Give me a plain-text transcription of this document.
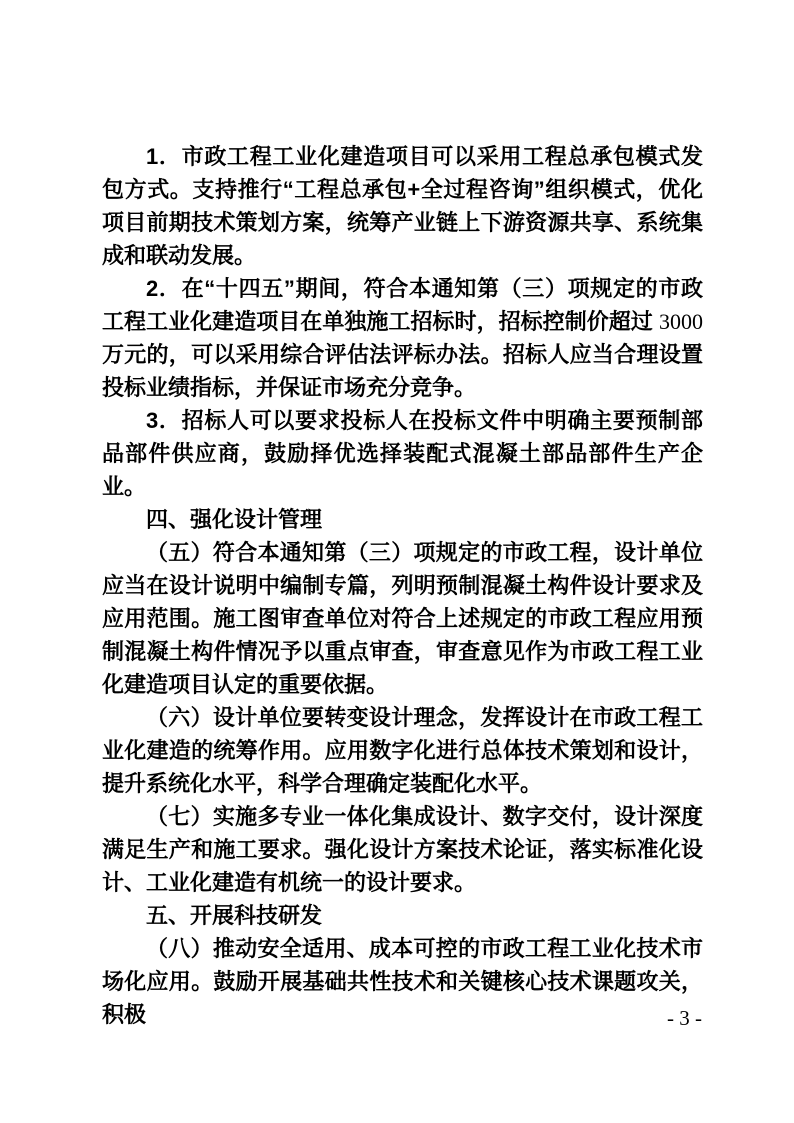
1．市政工程工业化建造项目可以采用工程总承包模式发包方式。支持推行“工程总承包+全过程咨询”组织模式，优化项目前期技术策划方案，统筹产业链上下游资源共享、系统集成和联动发展。

2．在“十四五”期间，符合本通知第（三）项规定的市政工程工业化建造项目在单独施工招标时，招标控制价超过 3000 万元的，可以采用综合评估法评标办法。招标人应当合理设置投标业绩指标，并保证市场充分竞争。

3．招标人可以要求投标人在投标文件中明确主要预制部品部件供应商，鼓励择优选择装配式混凝土部品部件生产企业。

四、强化设计管理

（五）符合本通知第（三）项规定的市政工程，设计单位应当在设计说明中编制专篇，列明预制混凝土构件设计要求及应用范围。施工图审查单位对符合上述规定的市政工程应用预制混凝土构件情况予以重点审查，审查意见作为市政工程工业化建造项目认定的重要依据。

（六）设计单位要转变设计理念，发挥设计在市政工程工业化建造的统筹作用。应用数字化进行总体技术策划和设计，提升系统化水平，科学合理确定装配化水平。

（七）实施多专业一体化集成设计、数字交付，设计深度满足生产和施工要求。强化设计方案技术论证，落实标准化设计、工业化建造有机统一的设计要求。

五、开展科技研发

（八）推动安全适用、成本可控的市政工程工业化技术市场化应用。鼓励开展基础共性技术和关键核心技术课题攻关，积极	- 3 -
